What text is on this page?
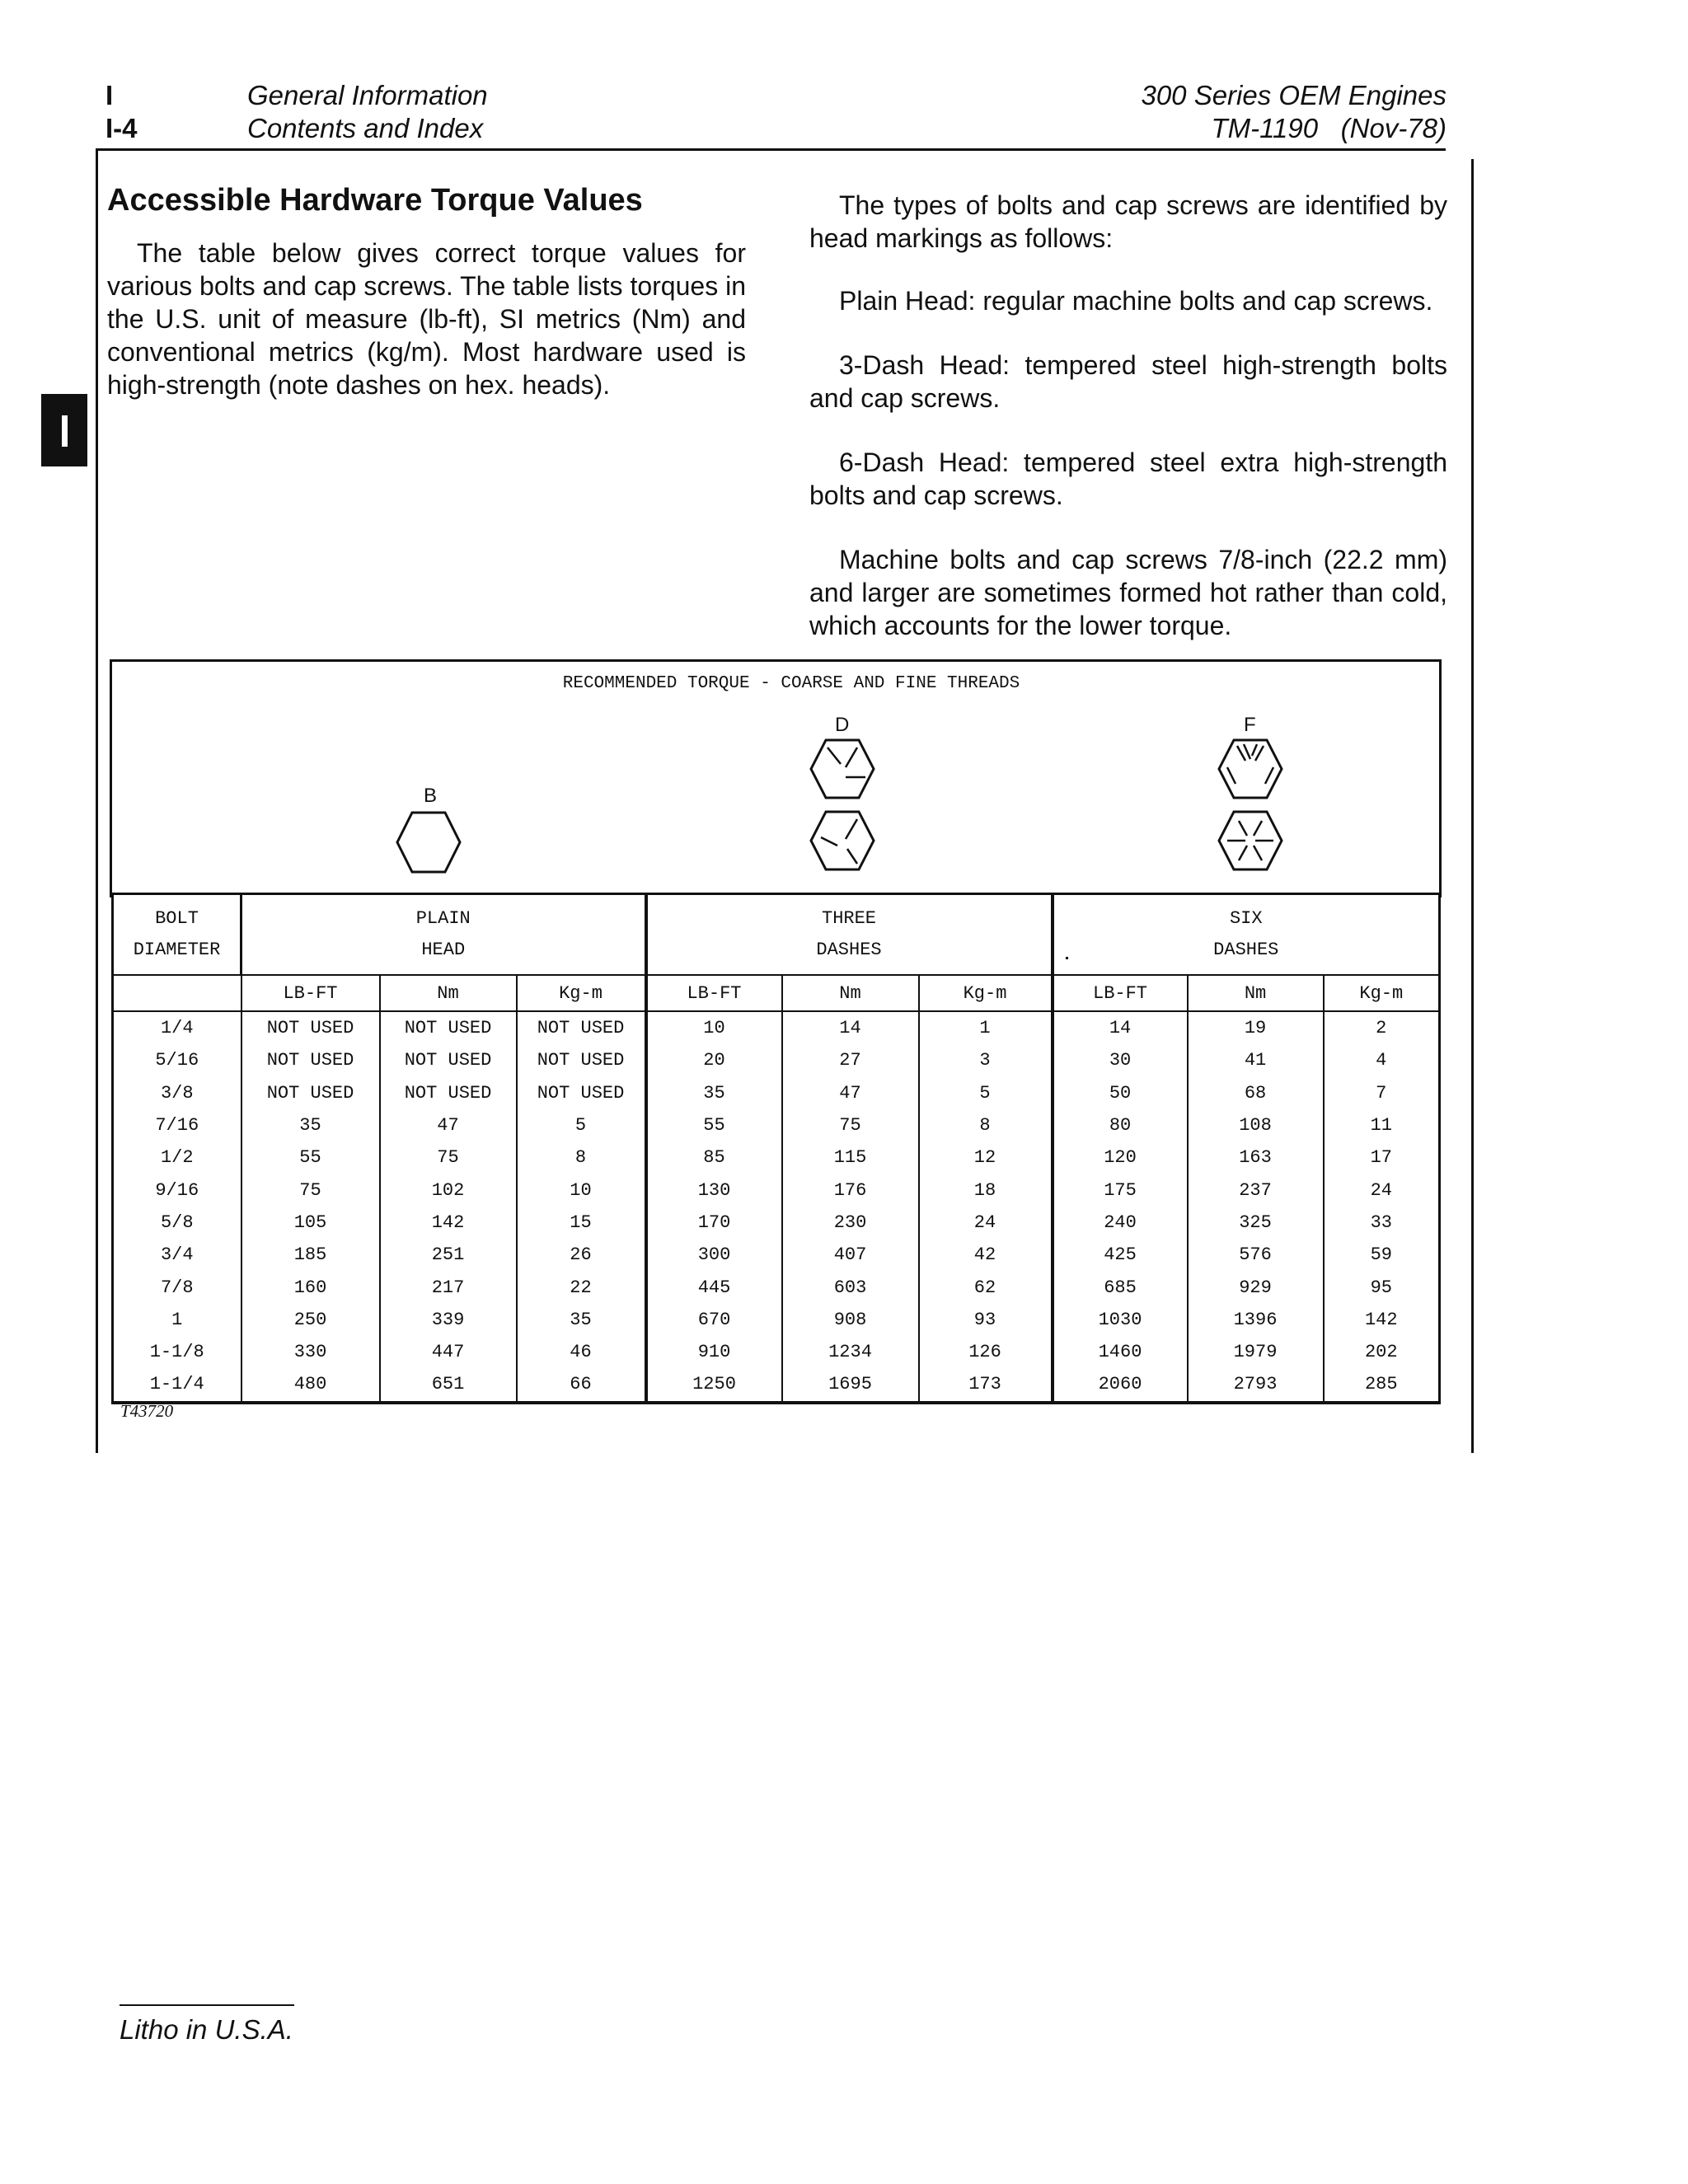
I
I-4
General Information
Contents and Index
300 Series OEM Engines
TM-1190 (Nov-78)
Accessible Hardware Torque Values

The table below gives correct torque values for various bolts and cap screws. The table lists torques in the U.S. unit of measure (lb-ft), SI metrics (Nm) and conventional metrics (kg/m). Most hardware used is high-strength (note dashes on hex. heads).

The types of bolts and cap screws are identified by head markings as follows:

Plain Head: regular machine bolts and cap screws.

3-Dash Head: tempered steel high-strength bolts and cap screws.

6-Dash Head: tempered steel extra high-strength bolts and cap screws.

Machine bolts and cap screws 7/8-inch (22.2 mm) and larger are sometimes formed hot rather than cold, which accounts for the lower torque.

RECOMMENDED TORQUE - COARSE AND FINE THREADS
B
D	F
BOLT
DIAMETER	PLAIN
HEAD			THREE
DASHES			SIX
DASHES		
	LB-FT	Nm	Kg-m	LB-FT	Nm	Kg-m	LB-FT	Nm	Kg-m
1/4	NOT USED	NOT USED	NOT USED	10	14	1	14	19	2
5/16	NOT USED	NOT USED	NOT USED	20	27	3	30	41	4
3/8	NOT USED	NOT USED	NOT USED	35	47	5	50	68	7
7/16	35	47	5	55	75	8	80	108	11
1/2	55	75	8	85	115	12	120	163	17
9/16	75	102	10	130	176	18	175	237	24
5/8	105	142	15	170	230	24	240	325	33
3/4	185	251	26	300	407	42	425	576	59
7/8	160	217	22	445	603	62	685	929	95
1	250	339	35	670	908	93	1030	1396	142
1-1/8	330	447	46	910	1234	126	1460	1979	202
1-1/4	480	651	66	1250	1695	173	2060	2793	285
T43720
Litho in U.S.A.
